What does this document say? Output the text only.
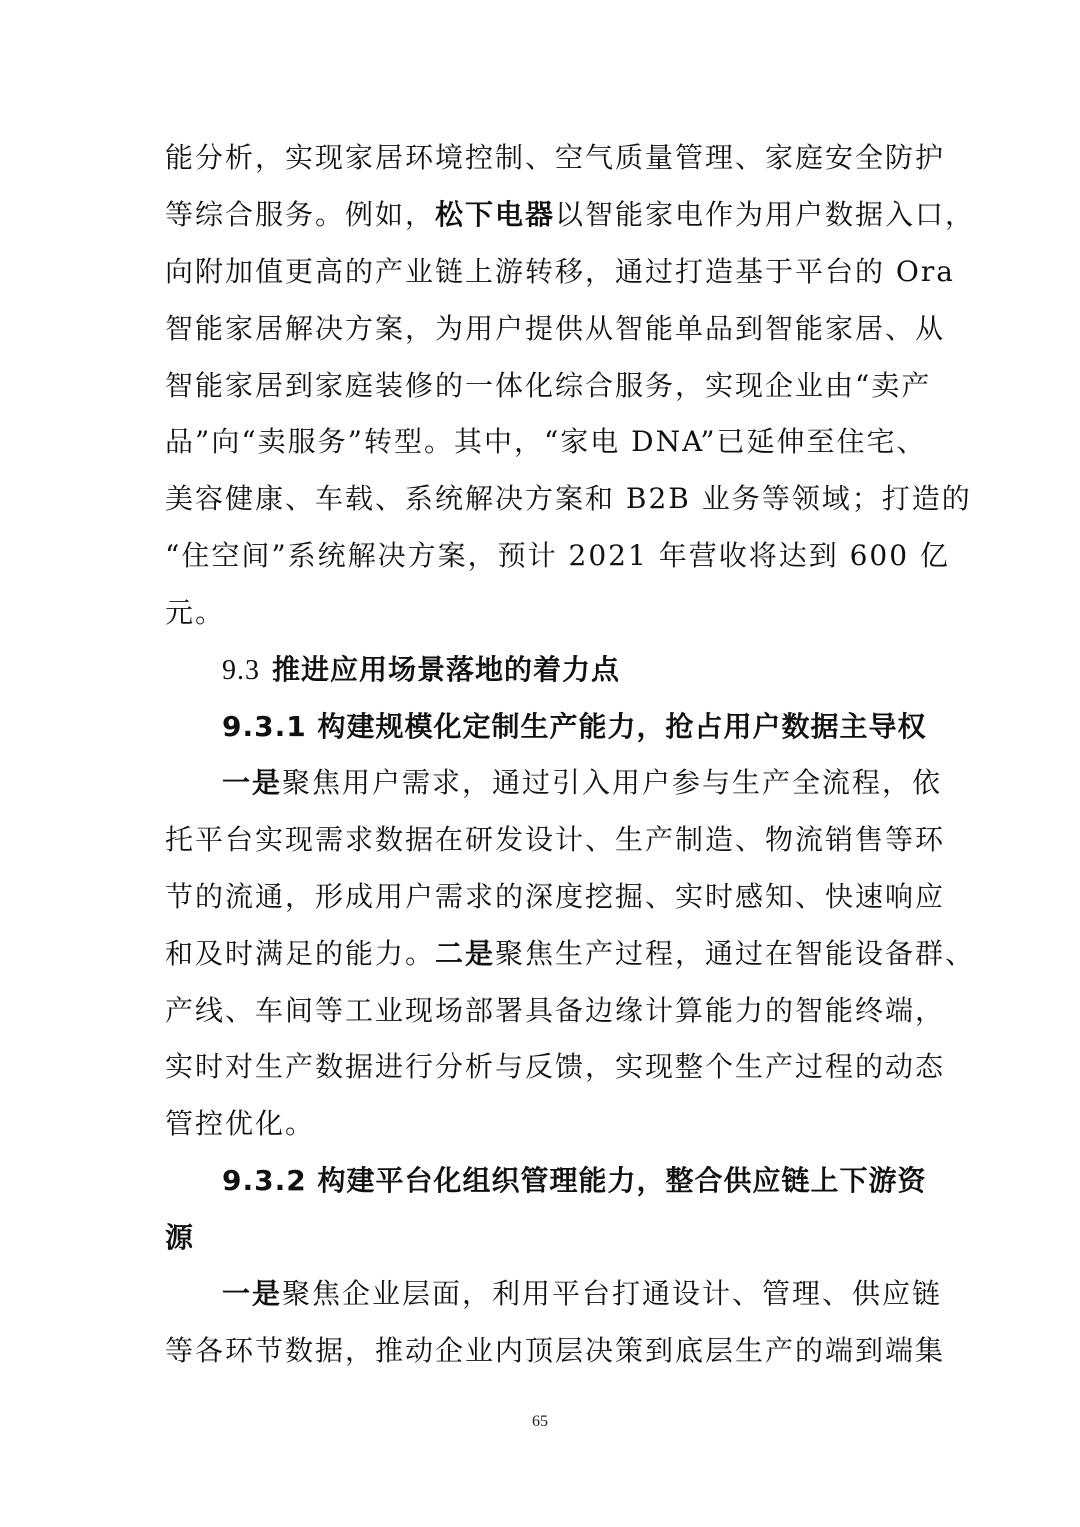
能分析，实现家居环境控制、空气质量管理、家庭安全防护
等综合服务。例如，松下电器以智能家电作为用户数据入口，
向附加值更高的产业链上游转移，通过打造基于平台的 Ora
智能家居解决方案，为用户提供从智能单品到智能家居、从
智能家居到家庭装修的一体化综合服务，实现企业由“卖产
品”向“卖服务”转型。其中，“家电 DNA”已延伸至住宅、
美容健康、车载、系统解决方案和 B2B 业务等领域；打造的
“住空间”系统解决方案，预计 2021 年营收将达到 600 亿
元。
9.3 推进应用场景落地的着力点
9.3.1 构建规模化定制生产能力，抢占用户数据主导权
一是聚焦用户需求，通过引入用户参与生产全流程，依
托平台实现需求数据在研发设计、生产制造、物流销售等环
节的流通，形成用户需求的深度挖掘、实时感知、快速响应
和及时满足的能力。二是聚焦生产过程，通过在智能设备群、
产线、车间等工业现场部署具备边缘计算能力的智能终端，
实时对生产数据进行分析与反馈，实现整个生产过程的动态
管控优化。
9.3.2 构建平台化组织管理能力，整合供应链上下游资
源
一是聚焦企业层面，利用平台打通设计、管理、供应链
等各环节数据，推动企业内顶层决策到底层生产的端到端集
65
